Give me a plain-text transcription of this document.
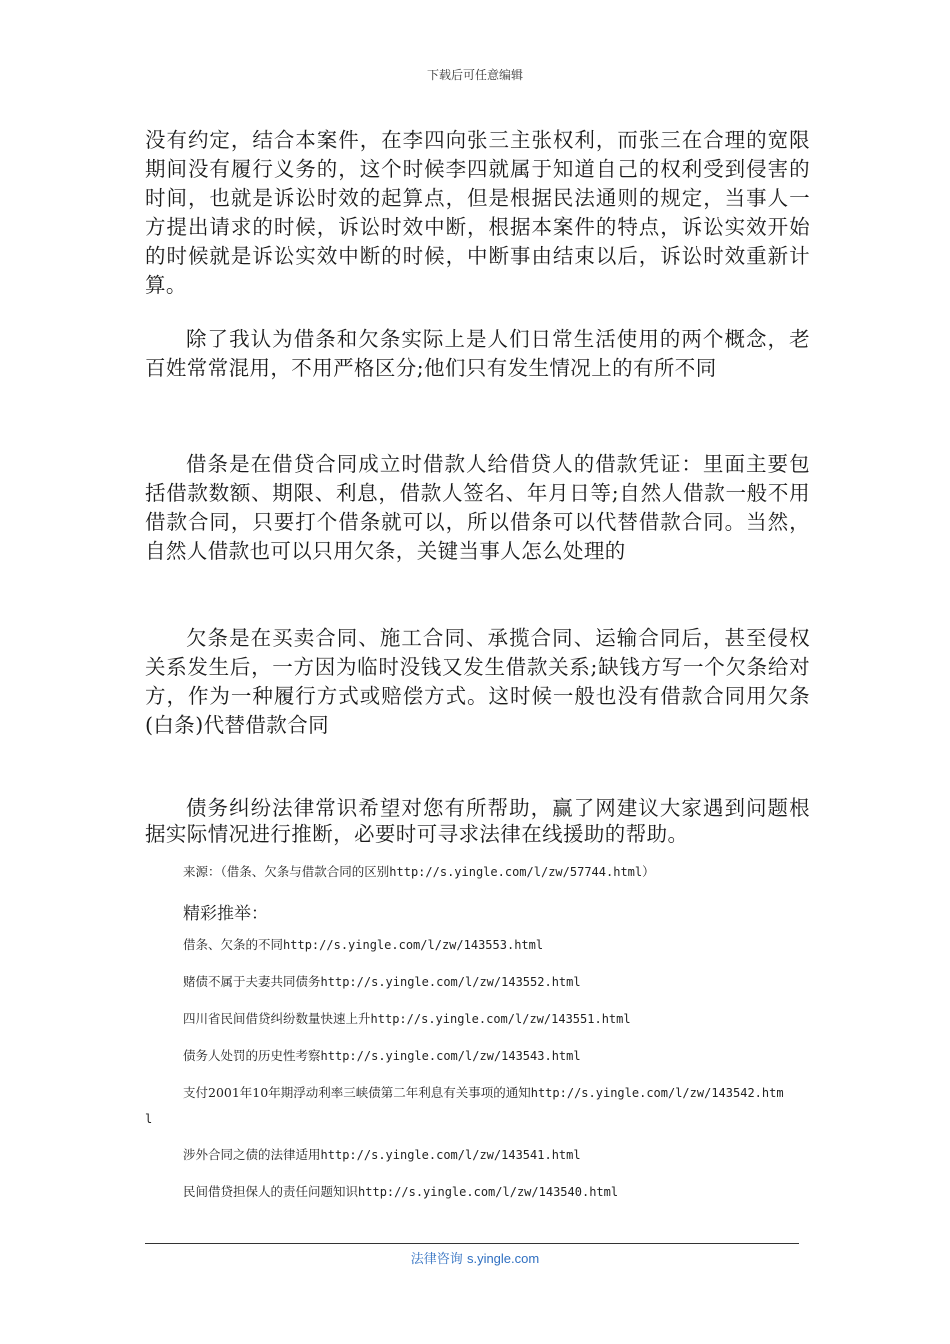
下载后可任意编辑

没有约定，结合本案件，在李四向张三主张权利，而张三在合理的宽限期间没有履行义务的，这个时候李四就属于知道自己的权利受到侵害的时间，也就是诉讼时效的起算点，但是根据民法通则的规定，当事人一方提出请求的时候，诉讼时效中断，根据本案件的特点，诉讼实效开始的时候就是诉讼实效中断的时候，中断事由结束以后，诉讼时效重新计算。

除了我认为借条和欠条实际上是人们日常生活使用的两个概念，老百姓常常混用，不用严格区分;他们只有发生情况上的有所不同

借条是在借贷合同成立时借款人给借贷人的借款凭证：里面主要包括借款数额、期限、利息，借款人签名、年月日等;自然人借款一般不用借款合同，只要打个借条就可以，所以借条可以代替借款合同。当然，自然人借款也可以只用欠条，关键当事人怎么处理的

欠条是在买卖合同、施工合同、承揽合同、运输合同后，甚至侵权关系发生后，一方因为临时没钱又发生借款关系;缺钱方写一个欠条给对方，作为一种履行方式或赔偿方式。这时候一般也没有借款合同用欠条(白条)代替借款合同

债务纠纷法律常识希望对您有所帮助，赢了网建议大家遇到问题根据实际情况进行推断，必要时可寻求法律在线援助的帮助。

来源：（借条、欠条与借款合同的区别http://s.yingle.com/l/zw/57744.html）
精彩推举：
借条、欠条的不同http://s.yingle.com/l/zw/143553.html
赌债不属于夫妻共同债务http://s.yingle.com/l/zw/143552.html
四川省民间借贷纠纷数量快速上升http://s.yingle.com/l/zw/143551.html
债务人处罚的历史性考察http://s.yingle.com/l/zw/143543.html
支付2001年10年期浮动利率三峡债第二年利息有关事项的通知http://s.yingle.com/l/zw/143542.html
涉外合同之债的法律适用http://s.yingle.com/l/zw/143541.html
民间借贷担保人的责任问题知识http://s.yingle.com/l/zw/143540.html
法律咨询 s.yingle.com
